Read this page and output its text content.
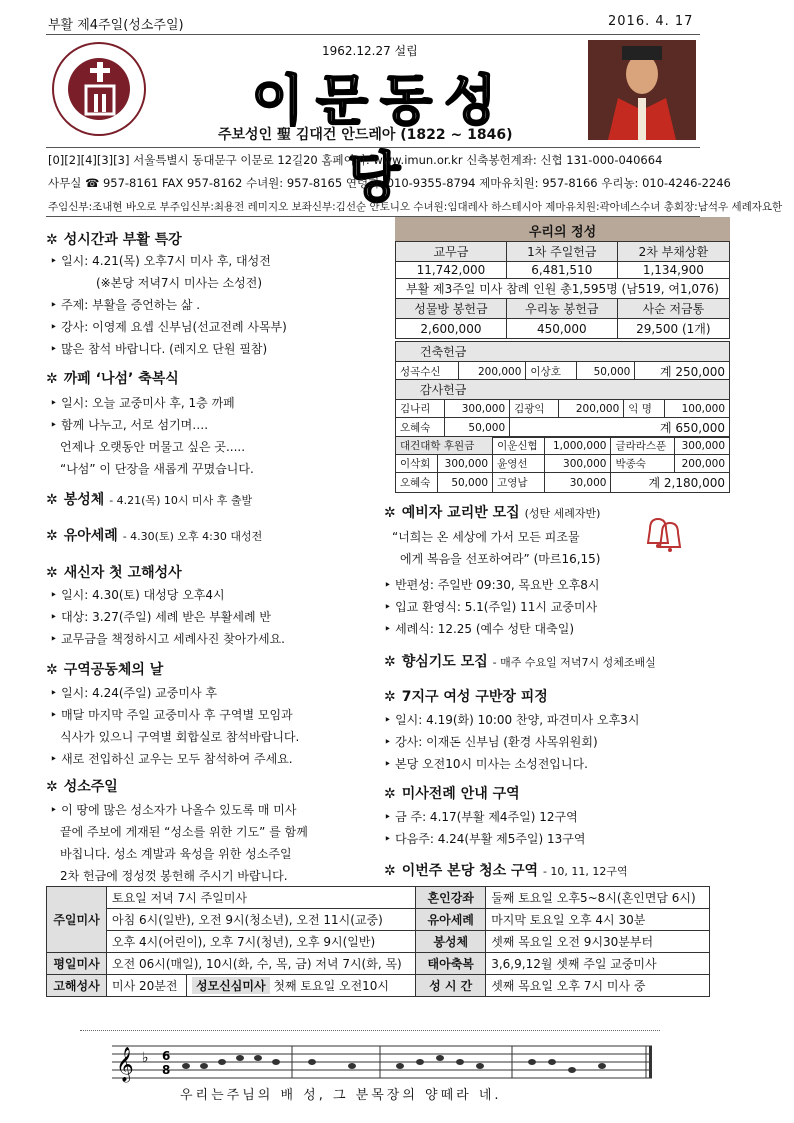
부활 제4주일(성소주일)	2016. 4. 17
1962.12.27 설립
이문동성당
주보성인 聖 김대건 안드레아 (1822 ~ 1846)
[0][2][4][3][3] 서울특별시 동대문구 이문로 12길20 홈페이지: www.imun.or.kr 신축봉헌계좌: 신협 131-000-040664
사무실 ☎ 957-8161 FAX 957-8162 수녀원: 957-8165 연령회: 010-9355-8794 제마유치원: 957-8166 우리농: 010-4246-2246
주임신부:조내현 바오로 부주임신부:최용전 레미지오 보좌신부:김선순 안토니오 수녀원:임대레사 하스테시아 제마유치원:곽아녜스수녀 총회장:남석우 세례자요한
✲ 성시간과 부활 특강
‣ 일시: 4.21(목) 오후7시 미사 후, 대성전
(※본당 저녁7시 미사는 소성전)
‣ 주제: 부활을 증언하는 삶 .
‣ 강사: 이영제 요셉 신부님(선교전례 사목부)
‣ 많은 참석 바랍니다. (레지오 단원 필참)
✲ 까페 ‘나섬’ 축복식
‣ 일시: 오늘 교중미사 후, 1층 까페
‣ 함께 나누고, 서로 섬기며….
언제나 오랫동안 머물고 싶은 곳.....
“나섬” 이 단장을 새롭게 꾸몄습니다.
✲ 봉성체 - 4.21(목) 10시 미사 후 출발
✲ 유아세례 - 4.30(토) 오후 4:30 대성전
✲ 새신자 첫 고해성사
‣ 일시: 4.30(토) 대성당 오후4시
‣ 대상: 3.27(주일) 세례 받은 부활세례 반
‣ 교무금을 책정하시고 세례사진 찾아가세요.
✲ 구역공동체의 날
‣ 일시: 4.24(주일) 교중미사 후
‣ 매달 마지막 주일 교중미사 후 구역별 모임과
식사가 있으니 구역별 회합실로 참석바랍니다.
‣ 새로 전입하신 교우는 모두 참석하여 주세요.
✲ 성소주일
‣ 이 땅에 많은 성소자가 나올수 있도록 매 미사
끝에 주보에 게재된 “성소를 위한 기도” 를 함께
바칩니다. 성소 계발과 육성을 위한 성소주일
2차 헌금에 정성껏 봉헌해 주시기 바랍니다.
우리의 정성
교무금	1차 주일헌금	2차 부채상환
11,742,000	6,481,510	1,134,900
부활 제3주일 미사 참례 인원 총1,595명 (남519, 여1,076)		
성물방 봉헌금	우리농 봉헌금	사순 저금통
2,600,000	450,000	29,500 (1개)
건축헌금
성곡수신	200,000	이상호	50,000	계 250,000
감사헌금					
김나리	300,000	김광익	200,000	익 명	100,000
오혜숙	50,000	계 650,000			
대건대학 후원금		이운신협	1,000,000	글라라스푼	300,000
이삭회	300,000	윤영선	300,000	박종숙	200,000
오혜숙	50,000	고영남	30,000	계 2,180,000	
✲ 예비자 교리반 모집 (성탄 세례자반)
“너희는 온 세상에 가서 모든 피조물
에게 복음을 선포하여라” (마르16,15)
‣ 반편성: 주일반 09:30, 목요반 오후8시
‣ 입교 환영식: 5.1(주일) 11시 교중미사
‣ 세례식: 12.25 (예수 성탄 대축일)
✲ 향심기도 모집 - 매주 수요일 저녁7시 성체조배실
✲ 7지구 여성 구반장 피정
‣ 일시: 4.19(화) 10:00 찬양, 파견미사 오후3시
‣ 강사: 이재돈 신부님 (환경 사목위원회)
‣ 본당 오전10시 미사는 소성전입니다.
✲ 미사전례 안내 구역
‣ 금 주: 4.17(부활 제4주일) 12구역
‣ 다음주: 4.24(부활 제5주일) 13구역
✲ 이번주 본당 청소 구역 - 10, 11, 12구역
주일미사	토요일 저녁 7시 주일미사		혼인강좌	둘째 토요일 오후5~8시(혼인면담 6시)
	아침 6시(일반), 오전 9시(청소년), 오전 11시(교중)		유아세례	마지막 토요일 오후 4시 30분
	오후 4시(어린이), 오후 7시(청년), 오후 9시(일반)		봉성체	셋째 목요일 오전 9시30분부터
평일미사	오전 06시(매일), 10시(화, 수, 목, 금) 저녁 7시(화, 목)		태아축복	3,6,9,12월 셋째 주일 교중미사
고해성사	미사 20분전	성모신심미사 첫째 토요일 오전10시	성 시 간	셋째 목요일 오후 7시 미사 중
𝄞 ♭ 6
8
우리는주님의 배 성, 그 분목장의 양떼라 네.
